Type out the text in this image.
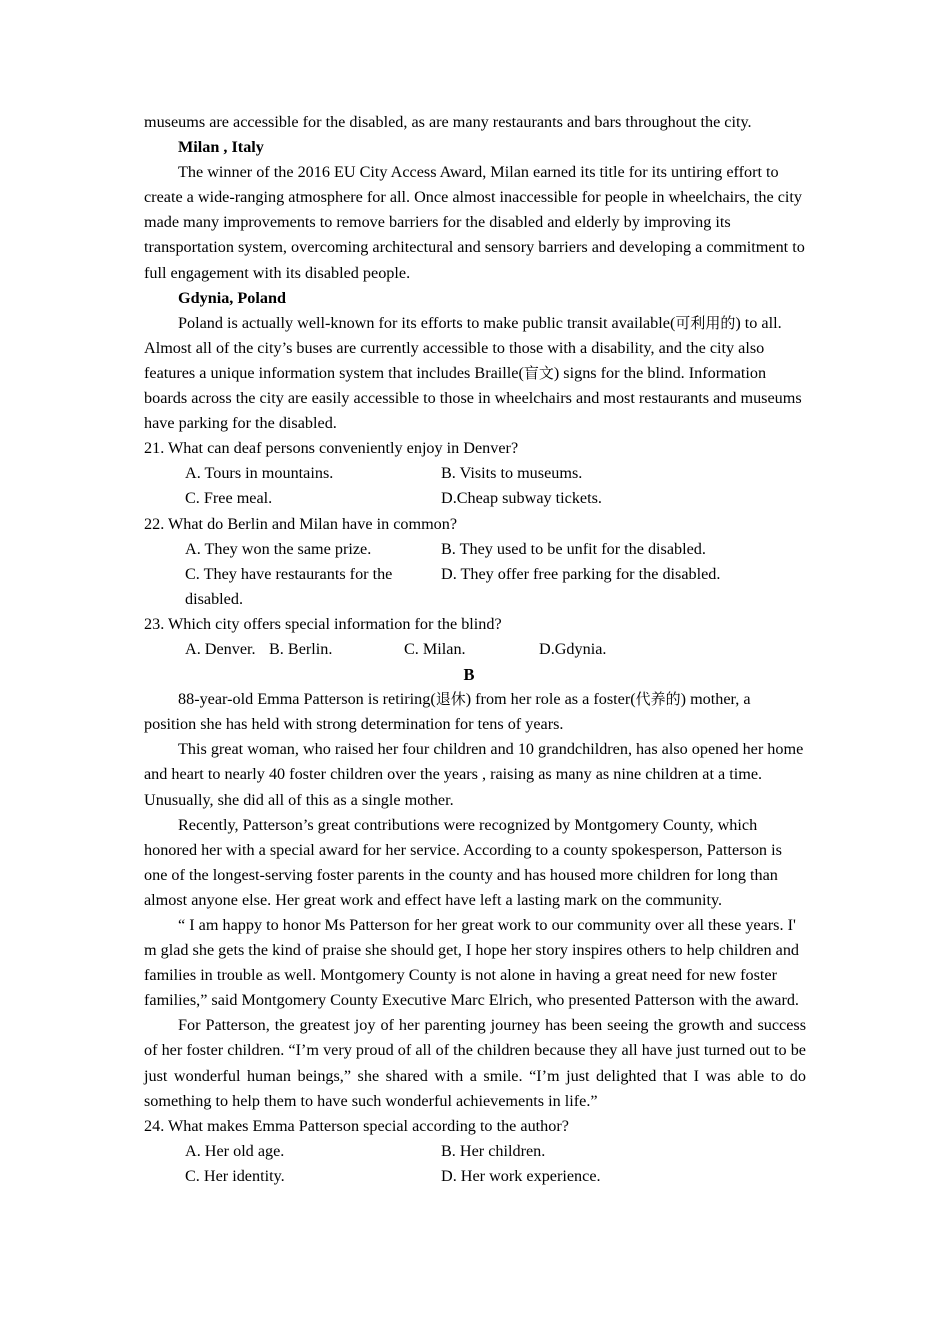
museums are accessible for the disabled, as are many restaurants and bars throughout the city.

Milan , Italy

The winner of the 2016 EU City Access Award, Milan earned its title for its untiring effort to create a wide-ranging atmosphere for all. Once almost inaccessible for people in wheelchairs, the city made many improvements to remove barriers for the disabled and elderly by improving its transportation system, overcoming architectural and sensory barriers and developing a commitment to full engagement with its disabled people.

Gdynia, Poland

Poland is actually well-known for its efforts to make public transit available(可利用的) to all. Almost all of the city’s buses are currently accessible to those with a disability, and the city also features a unique information system that includes Braille(盲文) signs for the blind. Information boards across the city are easily accessible to those in wheelchairs and most restaurants and museums have parking for the disabled.

21. What can deaf persons conveniently enjoy in Denver?

A. Tours in mountains.	B. Visits to museums.
C. Free meal.	D.Cheap subway tickets.

22. What do Berlin and Milan have in common?

A. They won the same prize.	B. They used to be unfit for the disabled.
C. They have restaurants for the disabled.
D. They offer free parking for the disabled.

23. Which city offers special information for the blind?

A. Denver. B. Berlin.	C. Milan.	D.Gdynia.

B

88-year-old Emma Patterson is retiring(退休) from her role as a foster(代养的) mother, a position she has held with strong determination for tens of years.

This great woman, who raised her four children and 10 grandchildren, has also opened her home and heart to nearly 40 foster children over the years , raising as many as nine children at a time. Unusually, she did all of this as a single mother.

Recently, Patterson’s great contributions were recognized by Montgomery County, which honored her with a special award for her service. According to a county spokesperson, Patterson is one of the longest-serving foster parents in the county and has housed more children for long than almost anyone else. Her great work and effect have left a lasting mark on the community.

“ I am happy to honor Ms Patterson for her great work to our community over all these years. I' m glad she gets the kind of praise she should get, I hope her story inspires others to help children and families in trouble as well. Montgomery County is not alone in having a great need for new foster families,” said Montgomery County Executive Marc Elrich, who presented Patterson with the award.

For Patterson, the greatest joy of her parenting journey has been seeing the growth and success of her foster children. “I’m very proud of all of the children because they all have just turned out to be just wonderful human beings,” she shared with a smile. “I’m just delighted that I was able to do something to help them to have such wonderful achievements in life.”

24. What makes Emma Patterson special according to the author?

A. Her old age.	B. Her children.
C. Her identity.	D. Her work experience.
